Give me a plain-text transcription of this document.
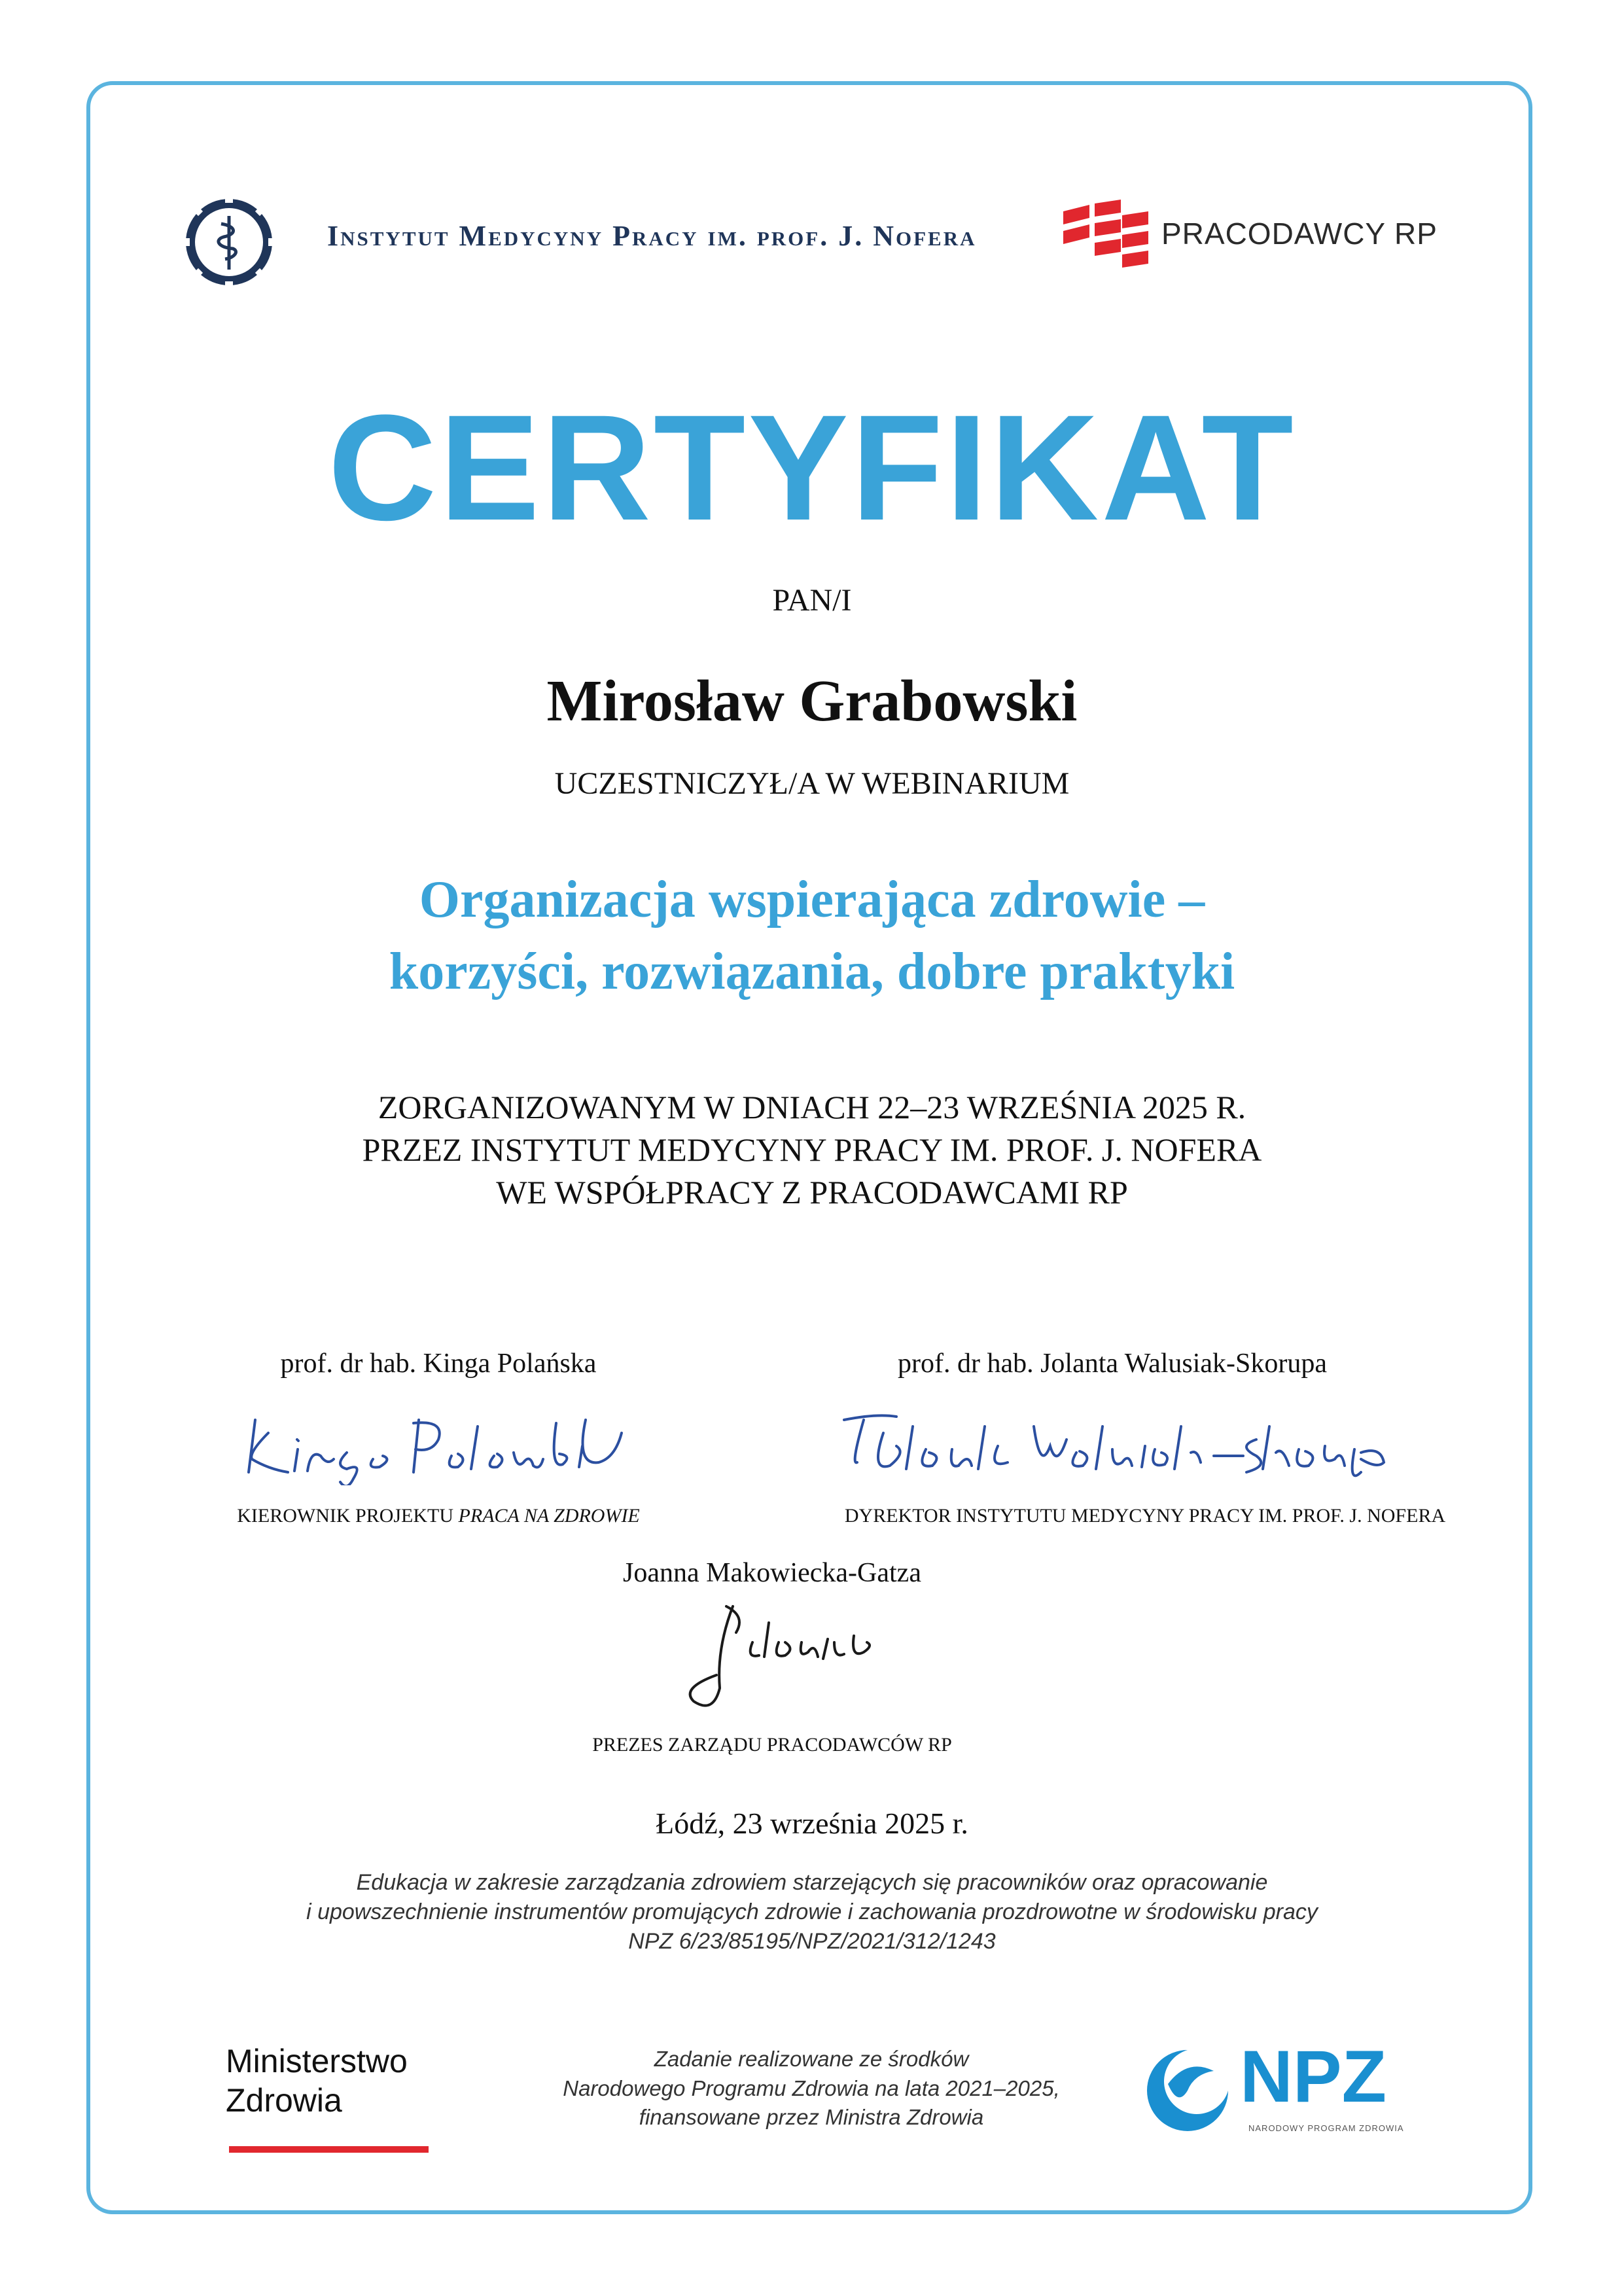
Instytut Medycyny Pracy im. prof. J. Nofera	PRACODAWCY RP
CERTYFIKAT
PAN/I
Mirosław Grabowski
UCZESTNICZYŁ/A W WEBINARIUM
Organizacja wspierająca zdrowie –
korzyści, rozwiązania, dobre praktyki
ZORGANIZOWANYM W DNIACH 22–23 WRZEŚNIA 2025 R.
PRZEZ INSTYTUT MEDYCYNY PRACY IM. PROF. J. NOFERA
WE WSPÓŁPRACY Z PRACODAWCAMI RP
prof. dr hab. Kinga Polańska
KIEROWNIK PROJEKTU PRACA NA ZDROWIE
prof. dr hab. Jolanta Walusiak-Skorupa
DYREKTOR INSTYTUTU MEDYCYNY PRACY IM. PROF. J. NOFERA
Joanna Makowiecka-Gatza
PREZES ZARZĄDU PRACODAWCÓW RP
Łódź, 23 września 2025 r.
Edukacja w zakresie zarządzania zdrowiem starzejących się pracowników oraz opracowanie
i upowszechnienie instrumentów promujących zdrowie i zachowania prozdrowotne w środowisku pracy
NPZ 6/23/85195/NPZ/2021/312/1243
Ministerstwo
Zdrowia
Zadanie realizowane ze środków
Narodowego Programu Zdrowia na lata 2021–2025,
finansowane przez Ministra Zdrowia	NPZ
NARODOWY PROGRAM ZDROWIA
